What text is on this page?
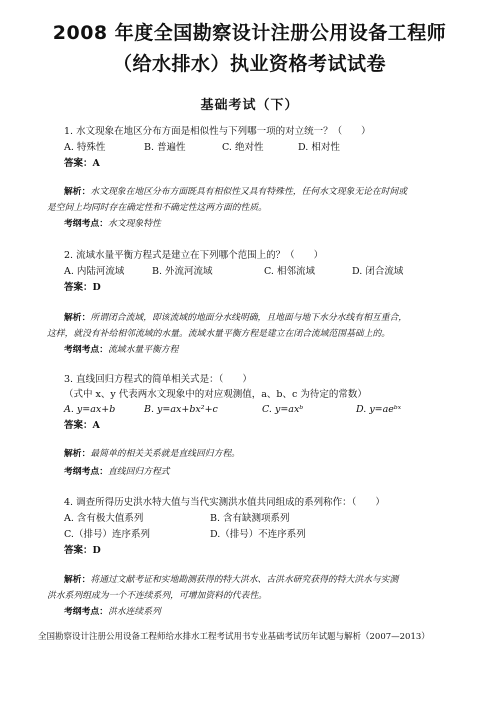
2008 年度全国勘察设计注册公用设备工程师
（给水排水）执业资格考试试卷
基础考试（下）
1. 水文现象在地区分布方面是相似性与下列哪一项的对立统一？（　　）
A. 特殊性	B. 普遍性	C. 绝对性	D. 相对性
答案：A
解析：水文现象在地区分布方面既具有相似性又具有特殊性，任何水文现象无论在时间或
是空间上均同时存在确定性和不确定性这两方面的性质。
考纲考点：水文现象特性
2. 流域水量平衡方程式是建立在下列哪个范围上的？（　　）
A. 内陆河流域	B. 外流河流域	C. 相邻流域	D. 闭合流域
答案：D
解析：所谓闭合流域，即该流域的地面分水线明确，且地面与地下水分水线有相互重合，
这样，就没有补给相邻流域的水量。流域水量平衡方程是建立在闭合流域范围基础上的。
考纲考点：流域水量平衡方程
3. 直线回归方程式的简单相关式是：（　　）
（式中 x、y 代表两水文现象中的对应观测值，a、b、c 为待定的常数）
A. y=ax+b	B. y=ax+bx²+c	C. y=axᵇ	D. y=aeᵇˣ
答案：A
解析：最简单的相关关系就是直线回归方程。
考纲考点：直线回归方程式
4. 调查所得历史洪水特大值与当代实测洪水值共同组成的系列称作：（　　）
A. 含有极大值系列	B. 含有缺测项系列
C.（排号）连序系列	D.（排号）不连序系列
答案：D
解析：将通过文献考证和实地勘测获得的特大洪水、古洪水研究获得的特大洪水与实测
洪水系列组成为一个不连续系列，可增加资料的代表性。
考纲考点：洪水连续系列
全国勘察设计注册公用设备工程师给水排水工程考试用书专业基础考试历年试题与解析（2007—2013）
